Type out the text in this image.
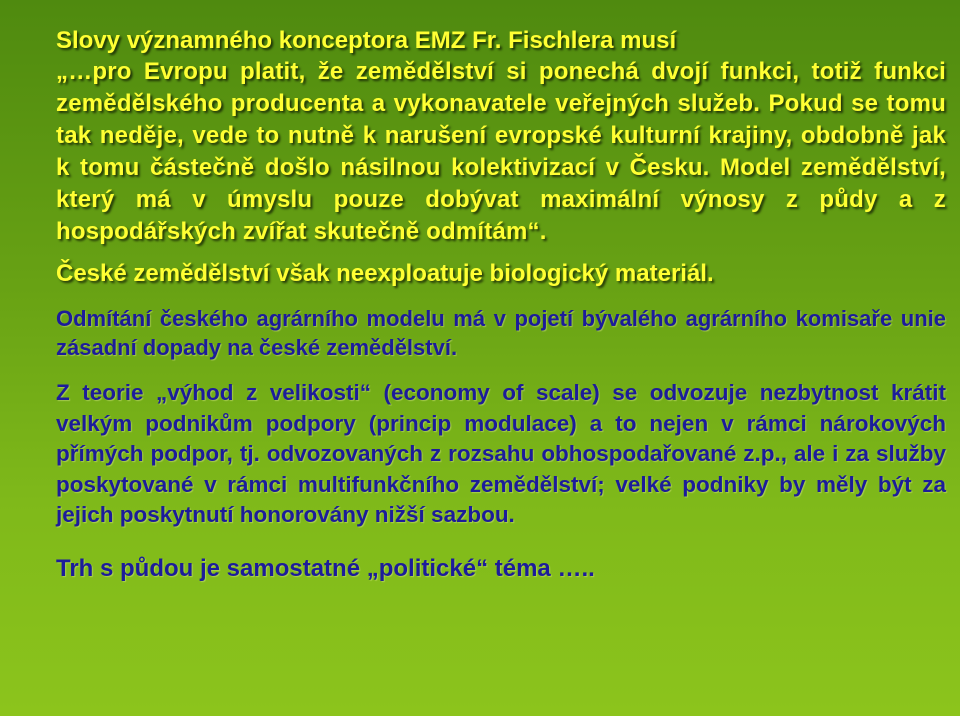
Slovy významného konceptora EMZ Fr. Fischlera musí

„…pro Evropu platit, že zemědělství si ponechá dvojí funkci, totiž funkci zemědělského producenta a vykonavatele veřejných služeb. Pokud se tomu tak neděje, vede to nutně k narušení evropské kulturní krajiny, obdobně jak k tomu částečně došlo násilnou kolektivizací v Česku. Model zemědělství, který má v úmyslu pouze dobývat maximální výnosy z půdy a z hospodářských zvířat skutečně odmítám“.

České zemědělství však neexploatuje biologický materiál.

Odmítání českého agrárního modelu má v pojetí bývalého agrárního komisaře unie zásadní dopady na české zemědělství.

Z teorie „výhod z velikosti“ (economy of scale) se odvozuje nezbytnost krátit velkým podnikům podpory (princip modulace) a to nejen v rámci nárokových přímých podpor, tj. odvozovaných z rozsahu obhospodařované z.p., ale i za služby poskytované v rámci multifunkčního zemědělství; velké podniky by měly být za jejich poskytnutí honorovány nižší sazbou.

Trh s půdou je samostatné „politické“ téma …..
